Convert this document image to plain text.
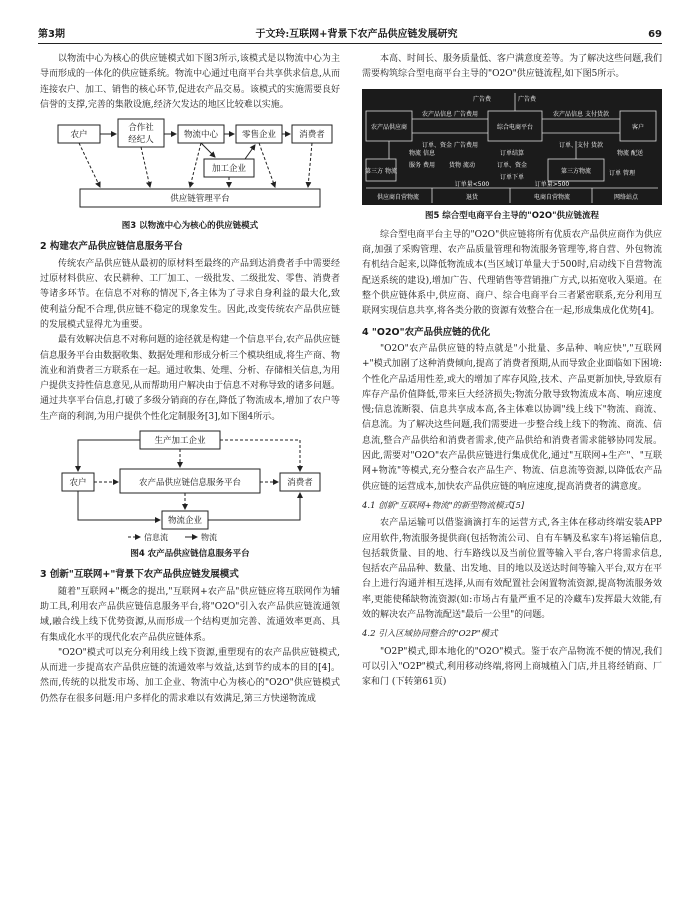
第3期	于文玲:互联网+背景下农产品供应链发展研究	69

以物流中心为核心的供应链模式如下图3所示,该模式是以物流中心为主导而形成的一体化的供应链系统。物流中心通过电商平台共享供求信息,从而连接农户、加工、销售的核心环节,促进农产品交易。该模式的实施需要良好信誉的支撑,完善的集散设施,经济欠发达的地区比较难以实施。

农户
合作社
经纪人	物流中心	零售企业	消费者
加工企业
供应链管理平台
图3 以物流中心为核心的供应链模式
2 构建农产品供应链信息服务平台

传统农产品供应链从最初的原材料至最终的产品到达消费者手中需要经过原材料供应、农民耕种、工厂加工、一级批发、二级批发、零售、消费者等诸多环节。在信息不对称的情况下,各主体为了寻求自身利益的最大化,致使利益分配不合理,供应链不稳定的现象发生。因此,改变传统农产品供应链的发展模式显得尤为重要。

最有效解决信息不对称问题的途径就是构建一个信息平台,农产品供应链信息服务平台由数据收集、数据处理和形成分析三个模块组成,将生产商、物流业和消费者三方联系在一起。通过收集、处理、分析、存储相关信息,为用户提供支持性信息意见,从而帮助用户解决由于信息不对称导致的诸多问题。通过共享平台信息,打破了多级分销商的存在,降低了物流成本,增加了农户等生产商的利润,为用户提供个性化定制服务[3],如下图4所示。

生产加工企业
农户	农产品供应链信息服务平台	消费者
物流企业
信息流	物流
图4 农产品供应链信息服务平台
3 创新"互联网+"背景下农产品供应链发展模式

随着"互联网+"概念的提出,"互联网+农产品"供应链应将互联网作为辅助工具,利用农产品供应链信息服务平台,将"O2O"引入农产品供应链流通领域,融合线上线下优势资源,从而形成一个结构更加完善、流通效率更高、具有集成化水平的现代化农产品供应链体系。

"O2O"模式可以充分利用线上线下资源,重塑现有的农产品供应链模式,从而进一步提高农产品供应链的流通效率与效益,达到节约成本的目的[4]。然而,传统的以批发市场、加工企业、物流中心为核心的"O2O"供应链模式仍然存在很多问题:用户多样化的需求难以有效满足,第三方快递物流成

本高、时间长、服务质量低、客户满意度差等。为了解决这些问题,我们需要构筑综合型电商平台主导的"O2O"供应链流程,如下图5所示。

农产品供应商	综合电商平台	客户
第三方 物流	第三方物流
广告费
农产品信息 广告费用
订单、资金 广告费用
农产品信息 支付货款
订单、支付 货款
广告费
订单结算
物流 信息
服务 费用 货物 流动
物流 配送
订单、资金
订单下单
订单 管理
订单量<500	订单量>500
供应商自营物流	退货	电商自营物流	网络站点
图5 综合型电商平台主导的"O2O"供应链流程

综合型电商平台主导的"O2O"供应链将所有优质农产品供应商作为供应商,加强了采购管理、农产品质量管理和物流服务管理等,将自营、外包物流有机结合起来,以降低物流成本(当区域订单量大于500时,启动线下自营物流配送系统的建设),增加广告、代理销售等营销推广方式,以拓宽收入渠道。在整个供应链体系中,供应商、商户、综合电商平台三者紧密联系,充分利用互联网实现信息共享,将各类分散的资源有效整合在一起,形成集成化优势[4]。

4 "O2O"农产品供应链的优化

"O2O"农产品供应链的特点就是"小批量、多品种、响应快","互联网+"模式加剧了这种消费倾向,提高了消费者预期,从而导致企业面临如下困境:个性化产品适用性差,或大的增加了库存风险,技术、产品更新加快,导致原有库存产品价值降低,带来巨大经济损失;物流分散导致物流成本高、响应速度慢;信息流断裂、信息共享成本高,各主体难以协调"线上线下"物流、商流、信息流。为了解决这些问题,我们需要进一步整合线上线下的物流、商流、信息流,整合产品供给和消费者需求,使产品供给和消费者需求能够协同发展。因此,需要对"O2O"农产品供应链进行集成优化,通过"互联网+生产"、"互联网+物流"等模式,充分整合农产品生产、物流、信息流等资源,以降低农产品供应链的运营成本,加快农产品供应链的响应速度,提高消费者的满意度。

4.1 创新"互联网+物流"的新型物流模式[5]

农产品运输可以借鉴滴滴打车的运营方式,各主体在移动终端安装APP应用软件,物流服务提供商(包括物流公司、自有车辆及私家车)将运输信息,包括载货量、目的地、行车路线以及当前位置等输入平台,客户将需求信息,包括农产品品种、数量、出发地、目的地以及送达时间等输入平台,双方在平台上进行沟通并相互选择,从而有效配置社会闲置物流资源,提高物流服务效率,更能使稀缺物流资源(如:市场占有量严重不足的冷藏车)发挥最大效能,有效的解决农产品物流配送"最后一公里"的问题。

4.2 引入区域协同整合的"O2P"模式

"O2P"模式,即本地化的"O2O"模式。鉴于农产品物流不便的情况,我们可以引入"O2P"模式,利用移动终端,将网上商城植入门店,并且将经销商、厂家和门 (下转第61页)
